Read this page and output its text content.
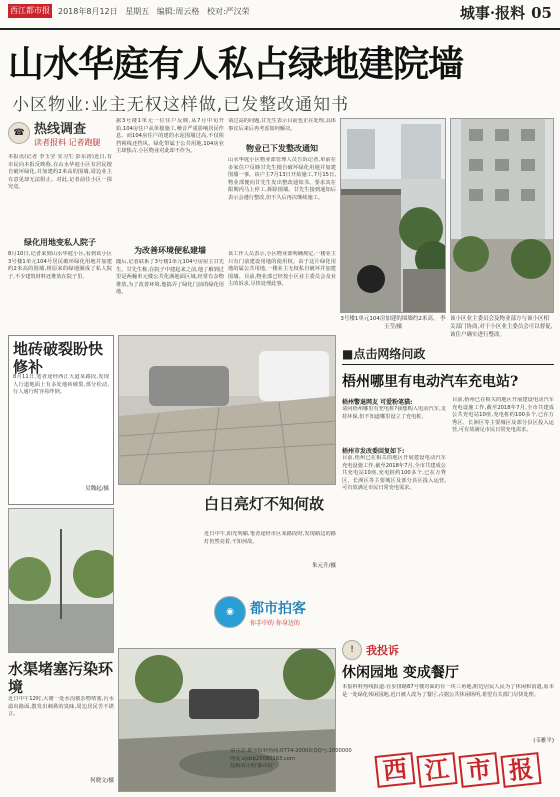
西江都市报 2018年8月12日 星期五 编辑:周云格 校对:严汉荣	城事·报料 05
山水华庭有人私占绿地建院墙
小区物业:业主无权这样做,已发整改通知书
☎ 热线调查
读者报料 记者跑腿
本报讯(记者 李玉莹 实习生 彭东涛)近日,有市民向本报反映称,在山水华庭小区有居民擅自破坏绿化,并加建约2米高的围墙,周边业主有意见却无法阻止。对此,记者前往小区一探究竟。
绿化用地变私人院子
8月10日,记者来到山水华庭小区,看到该小区3号楼1单元104号居民破坏绿化用地并加建约2米高的围墙,将原来的绿地圈成了私人院子,不少建筑材料还堆放在院子里。
据3号楼1单元一位住户反映,从7月中旬开始,104房住户从单独施工,噪音严重影响居民作息。而104房住户的建的水泥围墙过高,不仅阻挡视线还挡风。绿化带属于公共用地,104房业主却独占,小区物业对此却不作为。
为改善环境便私建墙
随后,记者联系了3号楼1单元104号房屋主甘先生。甘先生称,在院子中建起来之前,他了解到过里是两幢单元楼公共化满地面区域,经常有杂物堆放,为了改善环境,他搞弄了绿化门前的绿化用地。
请过高的问题,甘先生表示目前也正在处理,具体事宜后来后再考虑如何解决。
物业已下发整改通知
山水华庭小区物业部管理人员告诉记者,单前在多家住户反映甘先生擅自破坏绿化用地并加建围墙一事。该户主7月13日开始施工,7月15日,物业部便向甘先生发出整改通知书。要求其在限期内马上停工,拆除围墙。甘先生接到通知后表示会遵行整改,但不久后再次继续施工。
该工作人员表示,小区物业部明确规定,一楼业主只有门前建设用地的使用权。由于这片绿化用地的属公共用地,一楼业主无权私自破坏并加建围墙。目前,物业部已经按小区业主委员会及业主的诉求,尽快处理此事。
3号楼1单元104房加建的围墙约2米高。 李玉莹/摄
该小区业主委员会及物业部方与该小区相关部门协商,对于小区业主委员会可以督促,该住户确实进行整改。
地砖破裂盼快修补
8月11日,笔者途经西江大道某路段,发现人行道地面上有多处地砖破裂,部分松动,行人通行时容易绊倒。
吴魏起/摄
白日亮灯不知何故
近日中午,阳光明媚,笔者途经市区某路段时,发现路边的路灯仍然亮着,不知何故。
朱元升/摄
◉	都市拍客
你手中的 你身边的
水渠堵塞污染环境
近日中午12时,大塘一处水沟被杂物堵塞,污水溢出路面,散发出刺鼻的臭味,周边居民苦不堪言。
何晓文/摄
■点击网络问政
梧州哪里有电动汽车充电站?
梧州警退网友 可爱粉笔猫:
请问梧州哪里有充电桩?我想购入电动汽车,支持环保,但不知道哪里设立了充电桩。
梧州市发改委回复如下:
目前,梧州已在相关的地区开展建设电动汽车充电设施工作,截至2018年7月,全市共建成公共充电站10座,充电桩约100多个,已在万秀区、长洲区等主要城区及部分县区投入运营,可有效满足市民日常充电需求。
目前,梧州已在相关的地区开展建设电动汽车充电设施工作,截至2018年7月,全市共建成公共充电站10座,充电桩约100多个,已在万秀区、长洲区等主要城区及部分县区投入运营,可有效满足市民日常充电需求。
!	我投诉
休闲园地 变成餐厅
本报料料热线报道:在步排路87号楼对面的有一块三角地,附近居民人民为了休闲和消遣,原本是一处绿化休闲园地,近日被人改为了餐厅,占据公共休闲场所,希望有关部门尽快处理。
(韦雅平)
请注意:都市报料热线:0774-20000;QQ号:2000000
网友:xjdsb20080163.com
投稿请注明'都市报'	西 江 市 报
